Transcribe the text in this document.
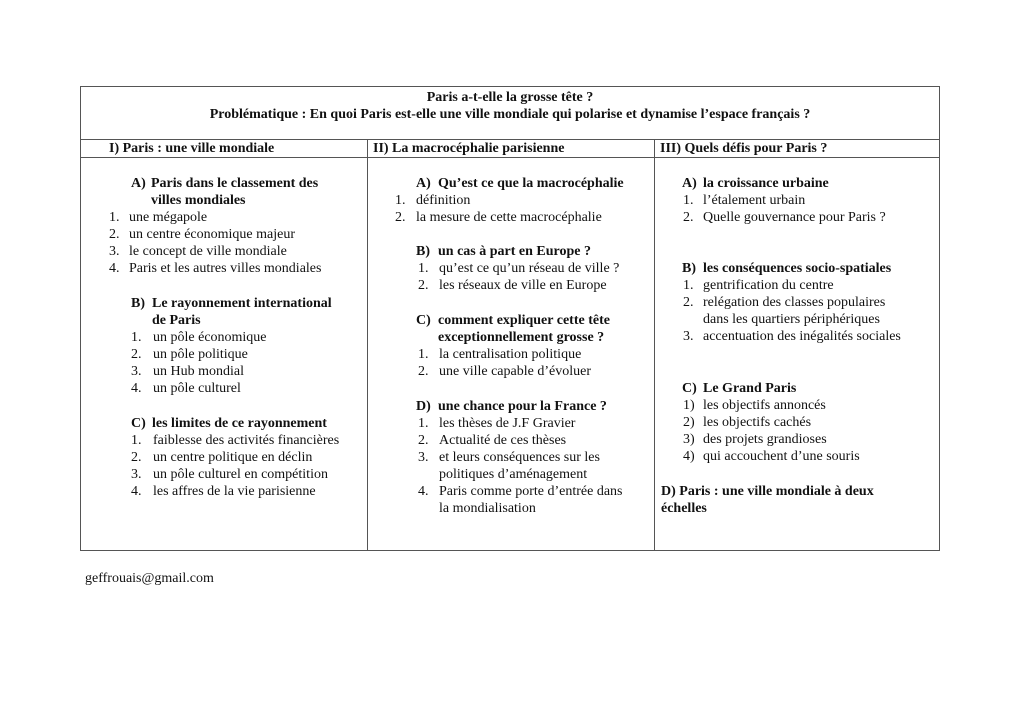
Paris a-t-elle la grosse tête ?
Problématique : En quoi Paris est-elle une ville mondiale qui polarise et dynamise l’espace français ?
I) Paris : une ville mondiale	II) La macrocéphalie parisienne	III) Quels défis pour Paris ?
A) Paris dans le classement des
villes mondiales
1. une mégapole
2. un centre économique majeur
3. le concept de ville mondiale
4. Paris et les autres villes mondiales
B) Le rayonnement international
de Paris
1. un pôle économique
2. un pôle politique
3. un Hub mondial
4. un pôle culturel
C) les limites de ce rayonnement
1. faiblesse des activités financières
2. un centre politique en déclin
3. un pôle culturel en compétition
4. les affres de la vie parisienne
A) Qu’est ce que la macrocéphalie
1. définition
2. la mesure de cette macrocéphalie
B) un cas à part en Europe ?
1. qu’est ce qu’un réseau de ville ?
2. les réseaux de ville en Europe
C) comment expliquer cette tête
exceptionnellement grosse ?
1. la centralisation politique
2. une ville capable d’évoluer
D) une chance pour la France ?
1. les thèses de J.F Gravier
2. Actualité de ces thèses
3. et leurs conséquences sur les
politiques d’aménagement
4. Paris comme porte d’entrée dans
la mondialisation
A) la croissance urbaine
1. l’étalement urbain
2. Quelle gouvernance pour Paris ?
B) les conséquences socio-spatiales
1. gentrification du centre
2. relégation des classes populaires
dans les quartiers périphériques
3. accentuation des inégalités sociales
C) Le Grand Paris
1) les objectifs annoncés
2) les objectifs cachés
3) des projets grandioses
4) qui accouchent d’une souris
D) Paris : une ville mondiale à deux
échelles
geffrouais@gmail.com
